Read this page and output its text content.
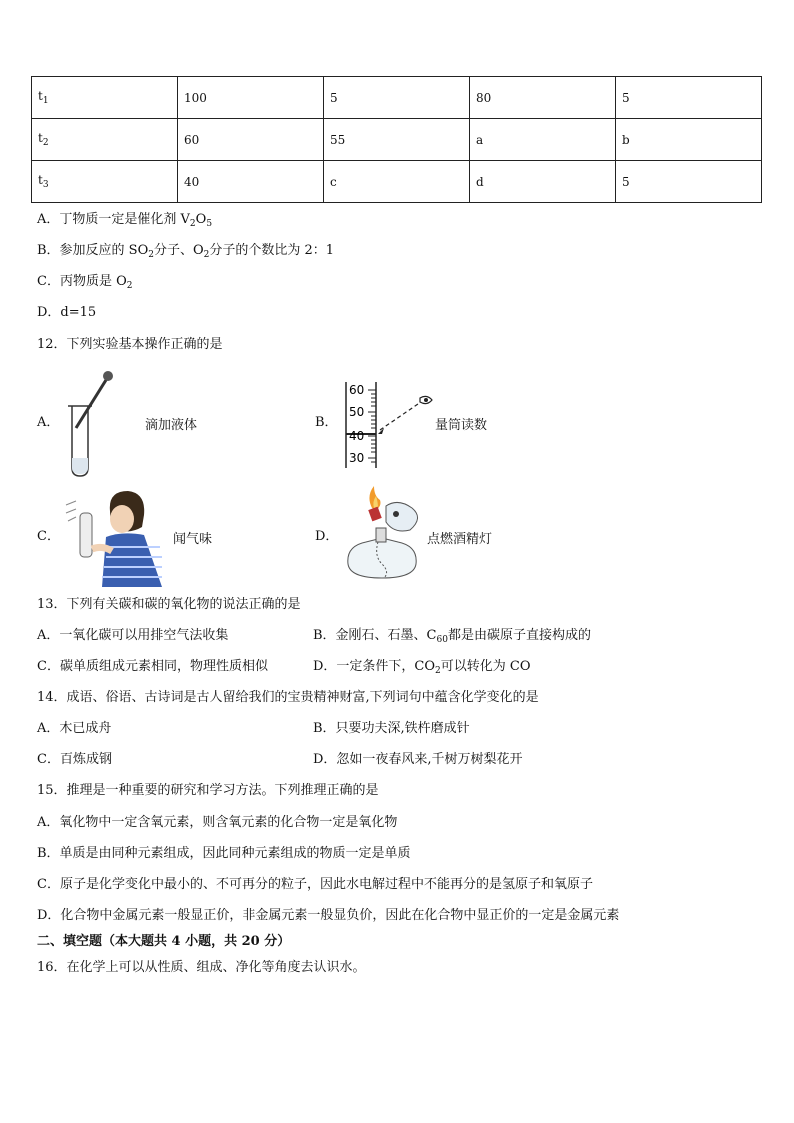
$t_1$	100	5	80	5
$t_2$	60	55	a	b
$t_3$	40	c	d	5
A．丁物质一定是催化剂 $V_2O_5$
B．参加反应的 $SO_2$分子、$O_2$分子的个数比为 2：1
C．丙物质是 $O_2$
D．d=15
12．下列实验基本操作正确的是
A．	滴加液体	B．
60
50
40
30
量筒读数
C．	闻气味	D．	点燃酒精灯
13．下列有关碳和碳的氧化物的说法正确的是
A．一氧化碳可以用排空气法收集	B．金刚石、石墨、$C_{60}$都是由碳原子直接构成的
C．碳单质组成元素相同，物理性质相似	D．一定条件下，$CO_2$可以转化为 CO
14．成语、俗语、古诗词是古人留给我们的宝贵精神财富,下列词句中蕴含化学变化的是
A．木已成舟	B．只要功夫深,铁杵磨成针
C．百炼成钢	D．忽如一夜春风来,千树万树梨花开
15．推理是一种重要的研究和学习方法。下列推理正确的是
A．氧化物中一定含氧元素，则含氧元素的化合物一定是氧化物
B．单质是由同种元素组成，因此同种元素组成的物质一定是单质
C．原子是化学变化中最小的、不可再分的粒子，因此水电解过程中不能再分的是氢原子和氧原子
D．化合物中金属元素一般显正价，非金属元素一般显负价，因此在化合物中显正价的一定是金属元素
二、填空题（本大题共 4 小题，共 20 分）
16．在化学上可以从性质、组成、净化等角度去认识水。
